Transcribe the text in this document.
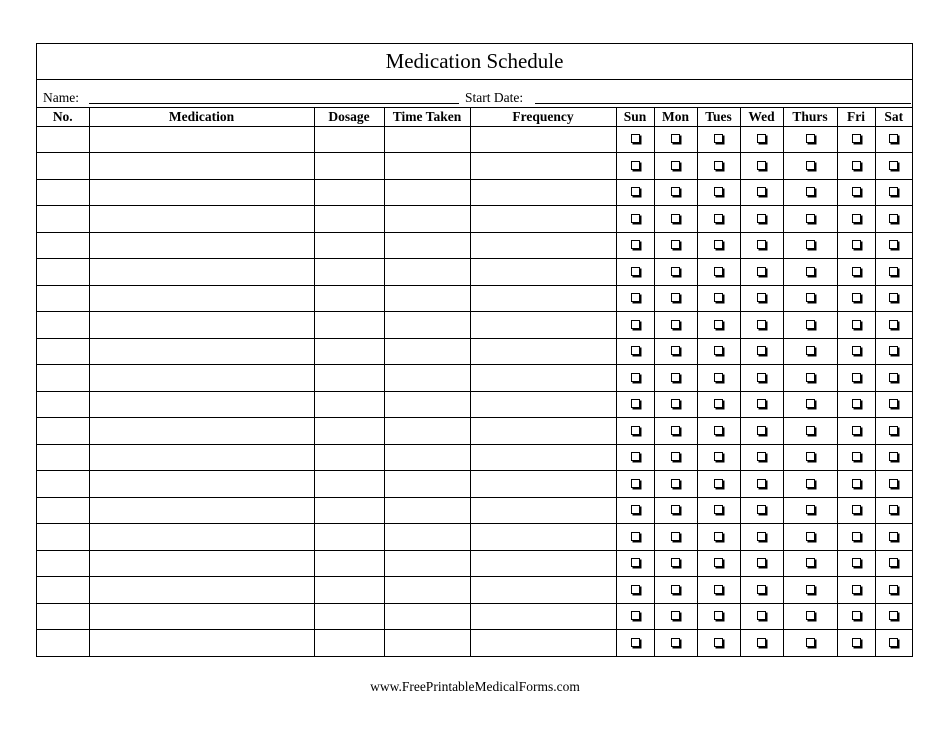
Medication Schedule
Name:	Start Date:
No.	Medication	Dosage	Time Taken	Frequency	Sun	Mon	Tues	Wed	Thurs	Fri	Sat

www.FreePrintableMedicalForms.com
